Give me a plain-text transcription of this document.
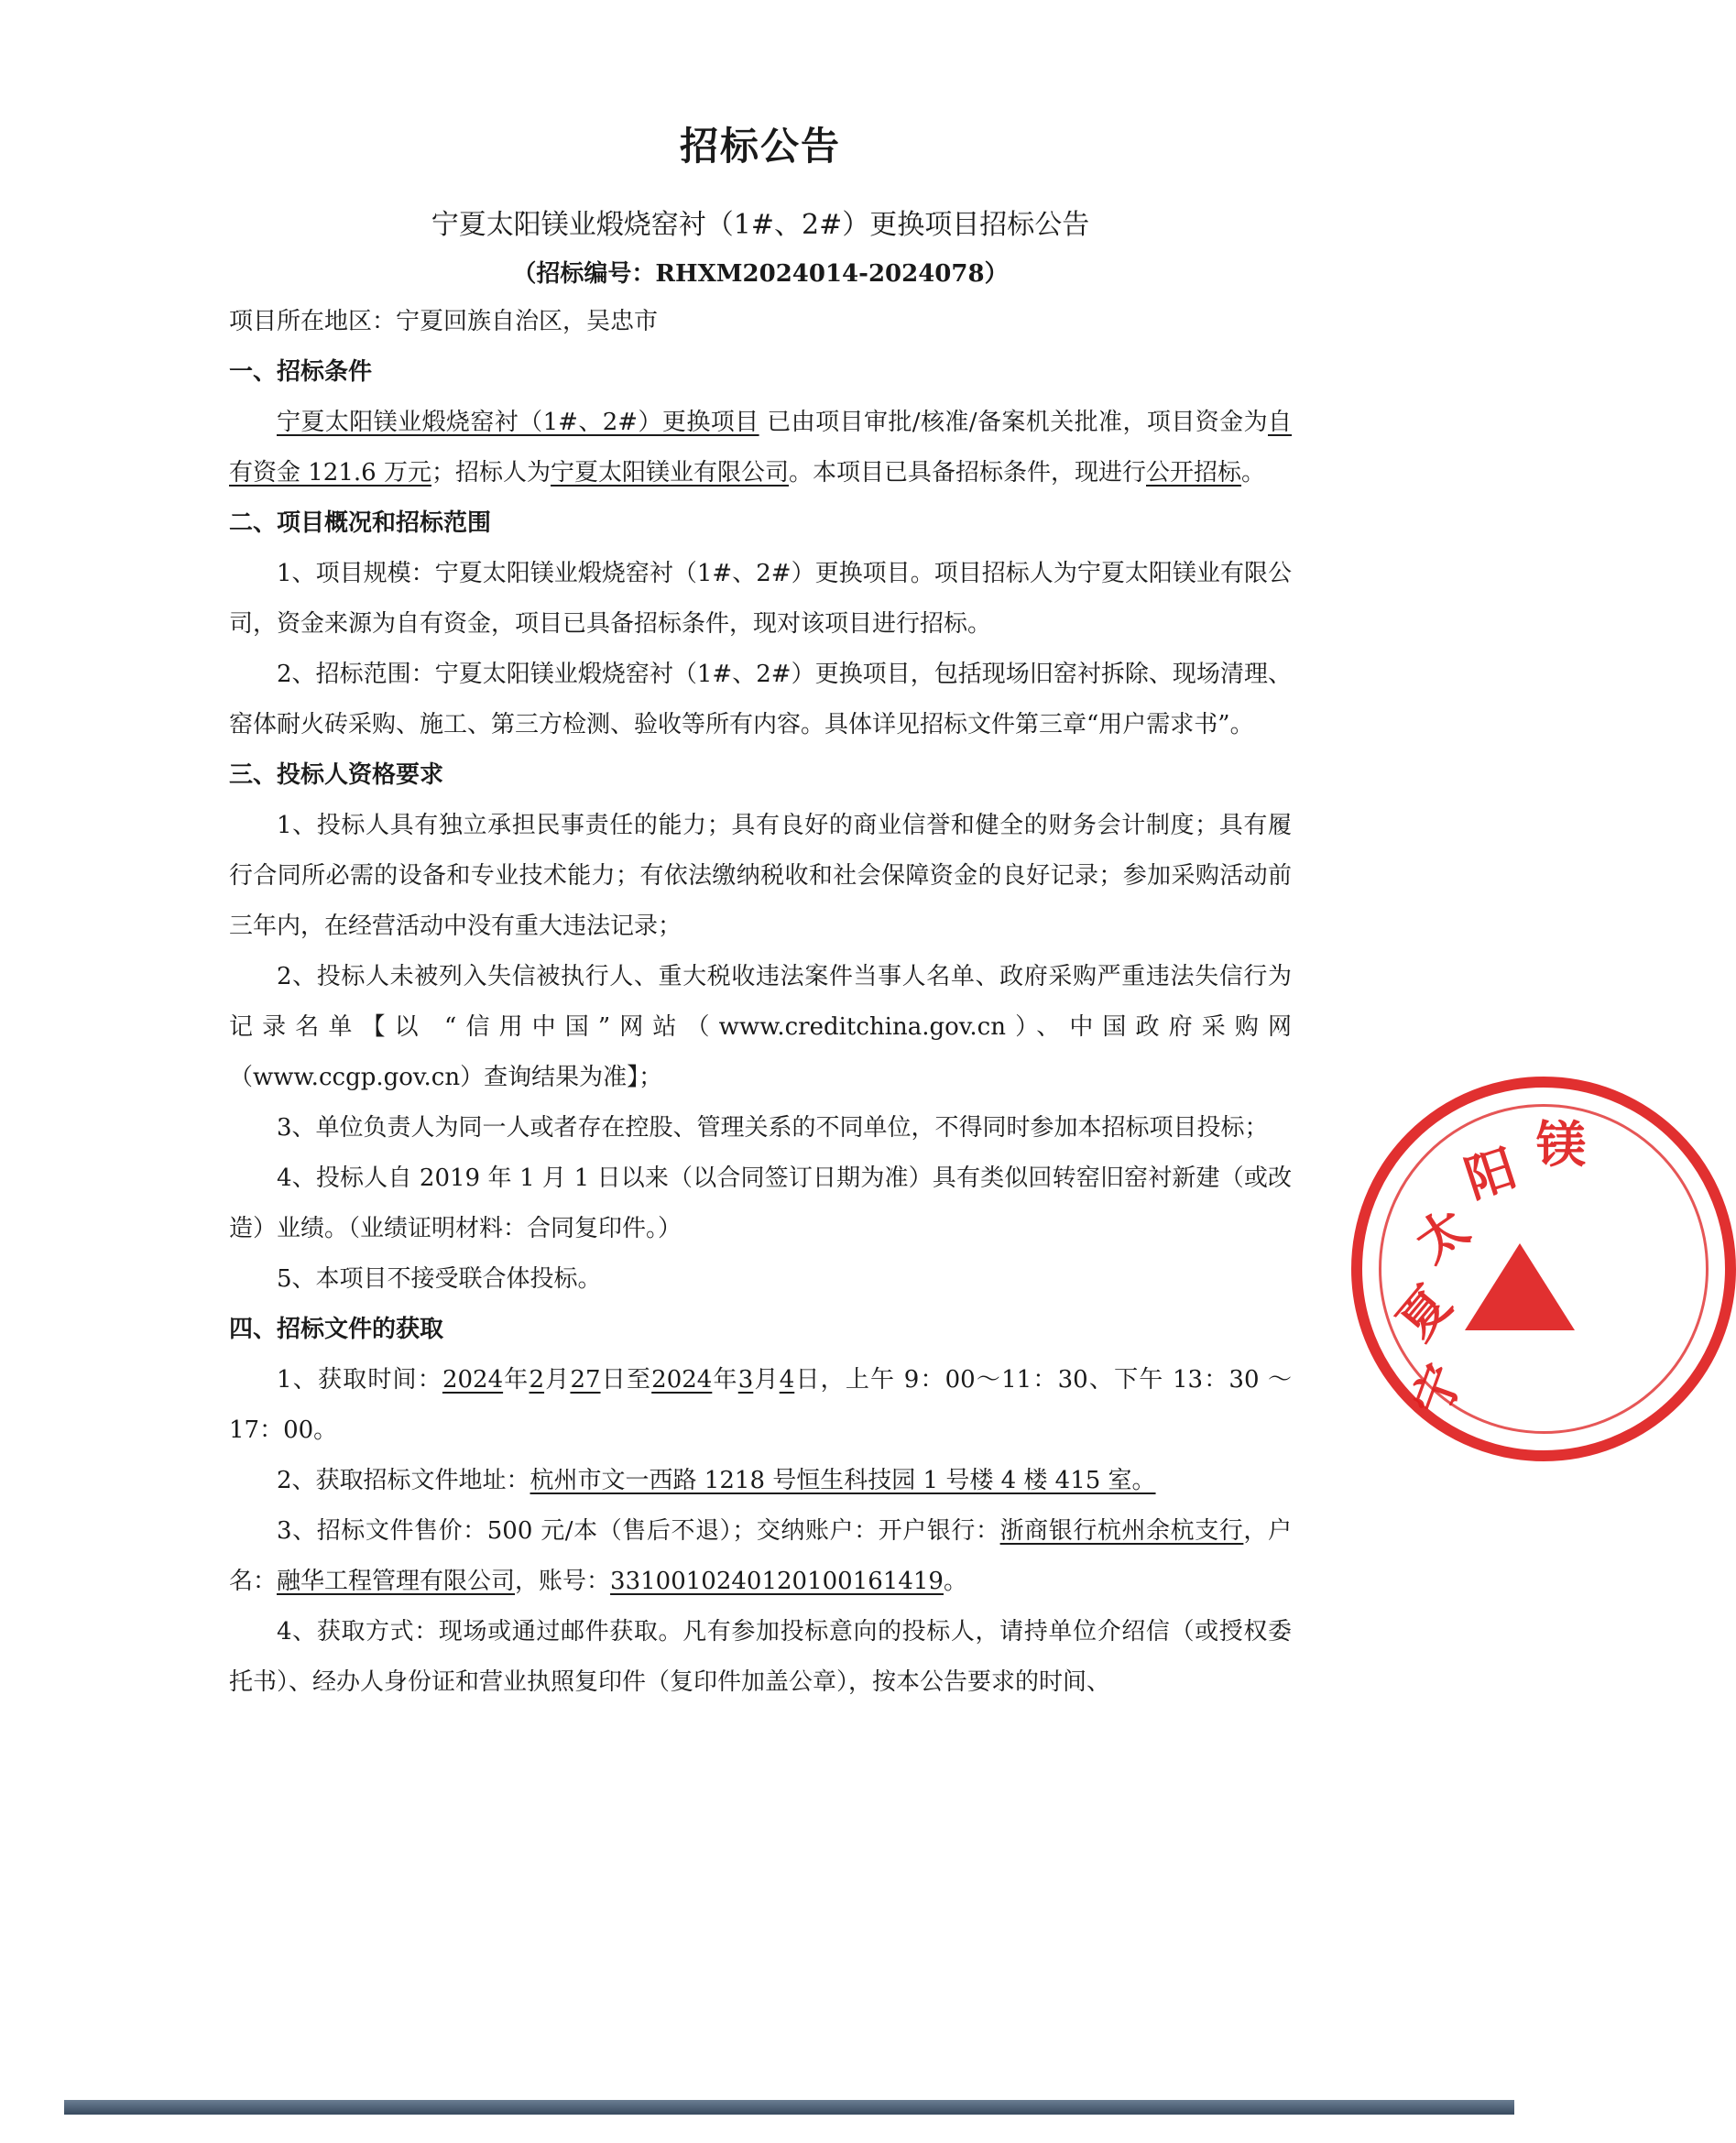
招标公告
宁夏太阳镁业煅烧窑衬（1#、2#）更换项目招标公告
（招标编号：RHXM2024014-2024078）

项目所在地区：宁夏回族自治区，吴忠市

一、招标条件

宁夏太阳镁业煅烧窑衬（1#、2#）更换项目 已由项目审批/核准/备案机关批准，项目资金为自有资金 121.6 万元；招标人为宁夏太阳镁业有限公司。本项目已具备招标条件，现进行公开招标。

二、项目概况和招标范围

1、项目规模：宁夏太阳镁业煅烧窑衬（1#、2#）更换项目。项目招标人为宁夏太阳镁业有限公司，资金来源为自有资金，项目已具备招标条件，现对该项目进行招标。

2、招标范围：宁夏太阳镁业煅烧窑衬（1#、2#）更换项目，包括现场旧窑衬拆除、现场清理、窑体耐火砖采购、施工、第三方检测、验收等所有内容。具体详见招标文件第三章“用户需求书”。

三、投标人资格要求

1、投标人具有独立承担民事责任的能力；具有良好的商业信誉和健全的财务会计制度；具有履行合同所必需的设备和专业技术能力；有依法缴纳税收和社会保障资金的良好记录；参加采购活动前三年内，在经营活动中没有重大违法记录；

2、投标人未被列入失信被执行人、重大税收违法案件当事人名单、政府采购严重违法失信行为记录名单【以 “信用中国”网站（www.creditchina.gov.cn）、中国政府采购网（www.ccgp.gov.cn）查询结果为准】；

3、单位负责人为同一人或者存在控股、管理关系的不同单位，不得同时参加本招标项目投标；

4、投标人自 2019 年 1 月 1 日以来（以合同签订日期为准）具有类似回转窑旧窑衬新建（或改造）业绩。（业绩证明材料：合同复印件。）

5、本项目不接受联合体投标。

四、招标文件的获取

1、获取时间：2024年2月27日至2024年3月4日，上午 9：00～11：30、下午 13：30 ～17：00。

2、获取招标文件地址：杭州市文一西路 1218 号恒生科技园 1 号楼 4 楼 415 室。

3、招标文件售价：500 元/本（售后不退）；交纳账户：开户银行：浙商银行杭州余杭支行，户名：融华工程管理有限公司，账号：3310010240120100161419。

4、获取方式：现场或通过邮件获取。凡有参加投标意向的投标人，请持单位介绍信（或授权委托书）、经办人身份证和营业执照复印件（复印件加盖公章），按本公告要求的时间、

宁
夏
太
阳 镁
